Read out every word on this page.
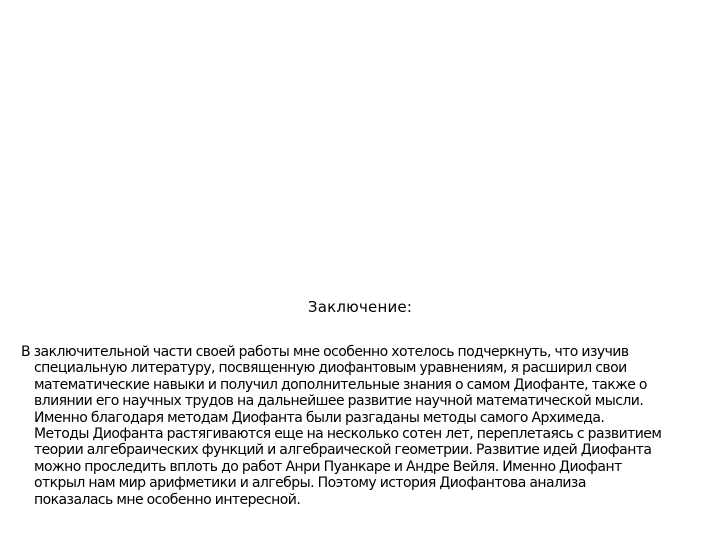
Заключение:

В заключительной части своей работы мне особенно хотелось подчеркнуть, что изучив
специальную литературу, посвященную диофантовым уравнениям, я расширил свои
математические навыки и получил дополнительные знания о самом Диофанте, также о
влиянии его научных трудов на дальнейшее развитие научной математической мысли.
Именно благодаря методам Диофанта были разгаданы методы самого Архимеда.
Методы Диофанта растягиваются еще на несколько сотен лет, переплетаясь с развитием
теории алгебраических функций и алгебраической геометрии. Развитие идей Диофанта
можно проследить вплоть до работ Анри Пуанкаре и Андре Вейля. Именно Диофант
открыл нам мир арифметики и алгебры. Поэтому история Диофантова анализа
показалась мне особенно интересной.
